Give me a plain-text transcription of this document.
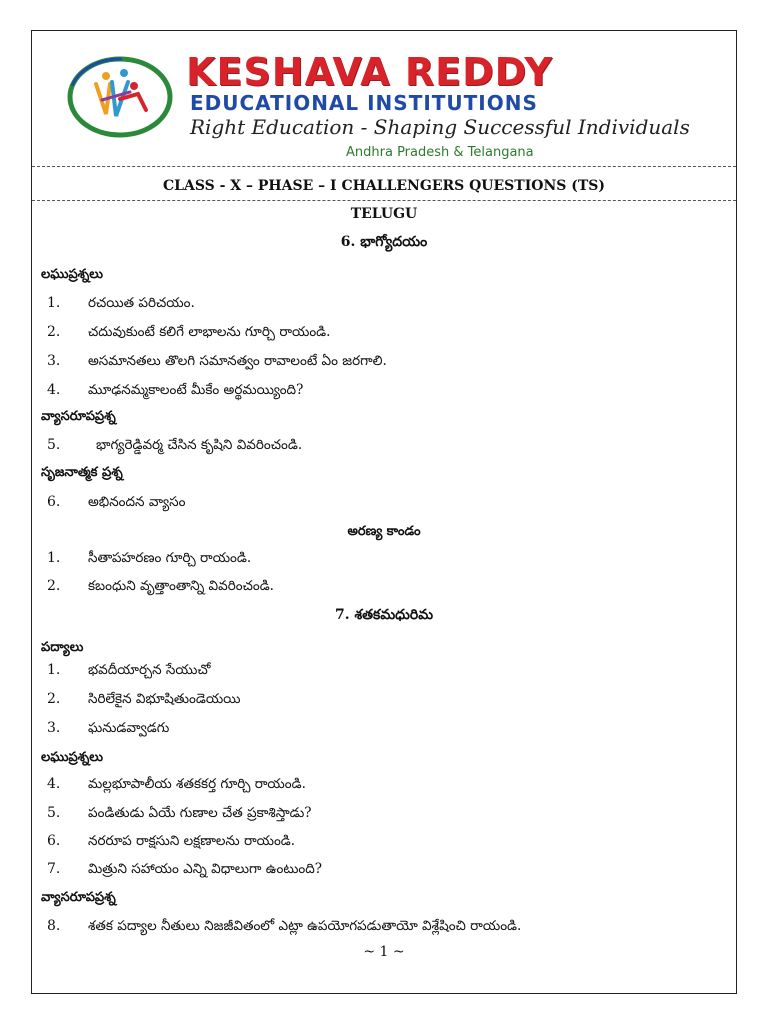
KESHAVA REDDY
EDUCATIONAL INSTITUTIONS
Right Education - Shaping Successful Individuals
Andhra Pradesh & Telangana
CLASS - X – PHASE – I CHALLENGERS QUESTIONS (TS)
TELUGU
6. భాగ్యోదయం
లఘుప్రశ్నలు
1. రచయిత పరిచయం.
2. చదువుకుంటే కలిగే లాభాలను గూర్చి రాయండి.
3. అసమానతలు తొలగి సమానత్వం రావాలంటే ఏం జరగాలి.
4. మూఢనమ్మకాలంటే మీకేం అర్థమయ్యింది?
వ్యాసరూపప్రశ్న
5.	భాగ్యరెడ్డివర్మ చేసిన కృషిని వివరించండి.
సృజనాత్మక ప్రశ్న
6. అభినందన వ్యాసం
అరణ్య కాండం
1. సీతాపహరణం గూర్చి రాయండి.
2. కబంధుని వృత్తాంతాన్ని వివరించండి.
7. శతకమధురిమ
పద్యాలు
1. భవదీయార్చన సేయుచో
2. సిరిలేకైన విభూషితుండెయయి
3. ఘనుడవ్వాడగు
లఘుప్రశ్నలు
4. మల్లభూపాలీయ శతకకర్త గూర్చి రాయండి.
5. పండితుడు ఏయే గుణాల చేత ప్రకాశిస్తాడు?
6. నరరూప రాక్షసుని లక్షణాలను రాయండి.
7. మిత్రుని సహాయం ఎన్ని విధాలుగా ఉంటుంది?
వ్యాసరూపప్రశ్న
8. శతక పద్యాల నీతులు నిజజీవితంలో ఎట్లా ఉపయోగపడుతాయో విశ్లేషించి రాయండి.
~ 1 ~
